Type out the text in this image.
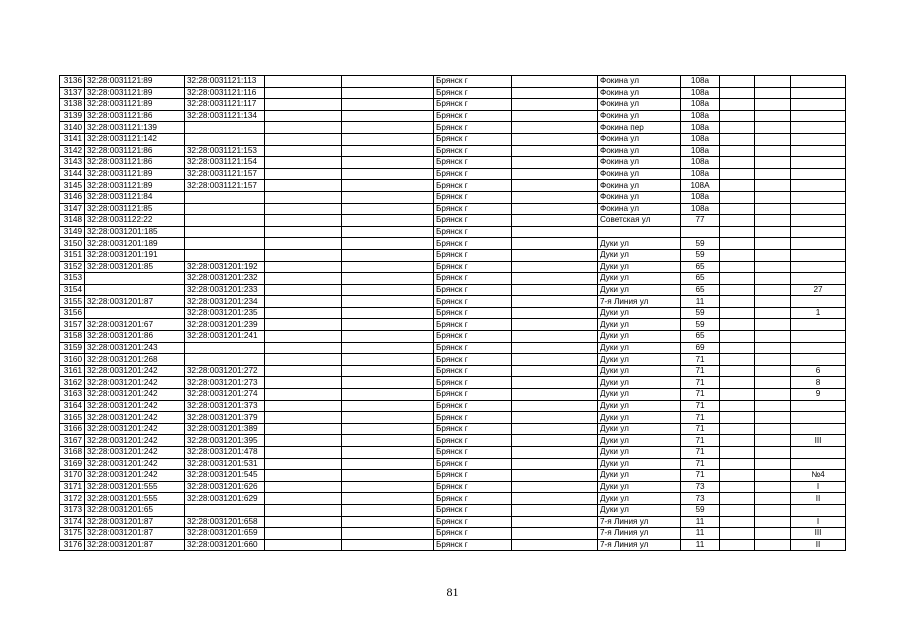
3136	32:28:0031121:89	32:28:0031121:113			Брянск г		Фокина ул	108а			
3137	32:28:0031121:89	32:28:0031121:116			Брянск г		Фокина ул	108а			
3138	32:28:0031121:89	32:28:0031121:117			Брянск г		Фокина ул	108а			
3139	32:28:0031121:86	32:28:0031121:134			Брянск г		Фокина ул	108а			
3140	32:28:0031121:139				Брянск г		Фокина пер	108а			
3141	32:28:0031121:142				Брянск г		Фокина ул	108а			
3142	32:28:0031121:86	32:28:0031121:153			Брянск г		Фокина ул	108а			
3143	32:28:0031121:86	32:28:0031121:154			Брянск г		Фокина ул	108а			
3144	32:28:0031121:89	32:28:0031121:157			Брянск г		Фокина ул	108а			
3145	32:28:0031121:89	32:28:0031121:157			Брянск г		Фокина ул	108А			
3146	32:28:0031121:84				Брянск г		Фокина ул	108а			
3147	32:28:0031121:85				Брянск г		Фокина ул	108а			
3148	32:28:0031122:22				Брянск г		Советская ул	77			
3149	32:28:0031201:185				Брянск г						
3150	32:28:0031201:189				Брянск г		Дуки ул	59			
3151	32:28:0031201:191				Брянск г		Дуки ул	59			
3152	32:28:0031201:85	32:28:0031201:192			Брянск г		Дуки ул	65			
3153		32:28:0031201:232			Брянск г		Дуки ул	65			
3154		32:28:0031201:233			Брянск г		Дуки ул	65			27
3155	32:28:0031201:87	32:28:0031201:234			Брянск г		7-я Линия ул	11			
3156		32:28:0031201:235			Брянск г		Дуки ул	59			1
3157	32:28:0031201:67	32:28:0031201:239			Брянск г		Дуки ул	59			
3158	32:28:0031201:86	32:28:0031201:241			Брянск г		Дуки ул	65			
3159	32:28:0031201:243				Брянск г		Дуки ул	69			
3160	32:28:0031201:268				Брянск г		Дуки ул	71			
3161	32:28:0031201:242	32:28:0031201:272			Брянск г		Дуки ул	71			6
3162	32:28:0031201:242	32:28:0031201:273			Брянск г		Дуки ул	71			8
3163	32:28:0031201:242	32:28:0031201:274			Брянск г		Дуки ул	71			9
3164	32:28:0031201:242	32:28:0031201:373			Брянск г		Дуки ул	71			
3165	32:28:0031201:242	32:28:0031201:379			Брянск г		Дуки ул	71			
3166	32:28:0031201:242	32:28:0031201:389			Брянск г		Дуки ул	71			
3167	32:28:0031201:242	32:28:0031201:395			Брянск г		Дуки ул	71			III
3168	32:28:0031201:242	32:28:0031201:478			Брянск г		Дуки ул	71			
3169	32:28:0031201:242	32:28:0031201:531			Брянск г		Дуки ул	71			
3170	32:28:0031201:242	32:28:0031201:545			Брянск г		Дуки ул	71			№4
3171	32:28:0031201:555	32:28:0031201:626			Брянск г		Дуки ул	73			I
3172	32:28:0031201:555	32:28:0031201:629			Брянск г		Дуки ул	73			II
3173	32:28:0031201:65				Брянск г		Дуки ул	59			
3174	32:28:0031201:87	32:28:0031201:658			Брянск г		7-я Линия ул	11			I
3175	32:28:0031201:87	32:28:0031201:659			Брянск г		7-я Линия ул	11			III
3176	32:28:0031201:87	32:28:0031201:660			Брянск г		7-я Линия ул	11			II
81
